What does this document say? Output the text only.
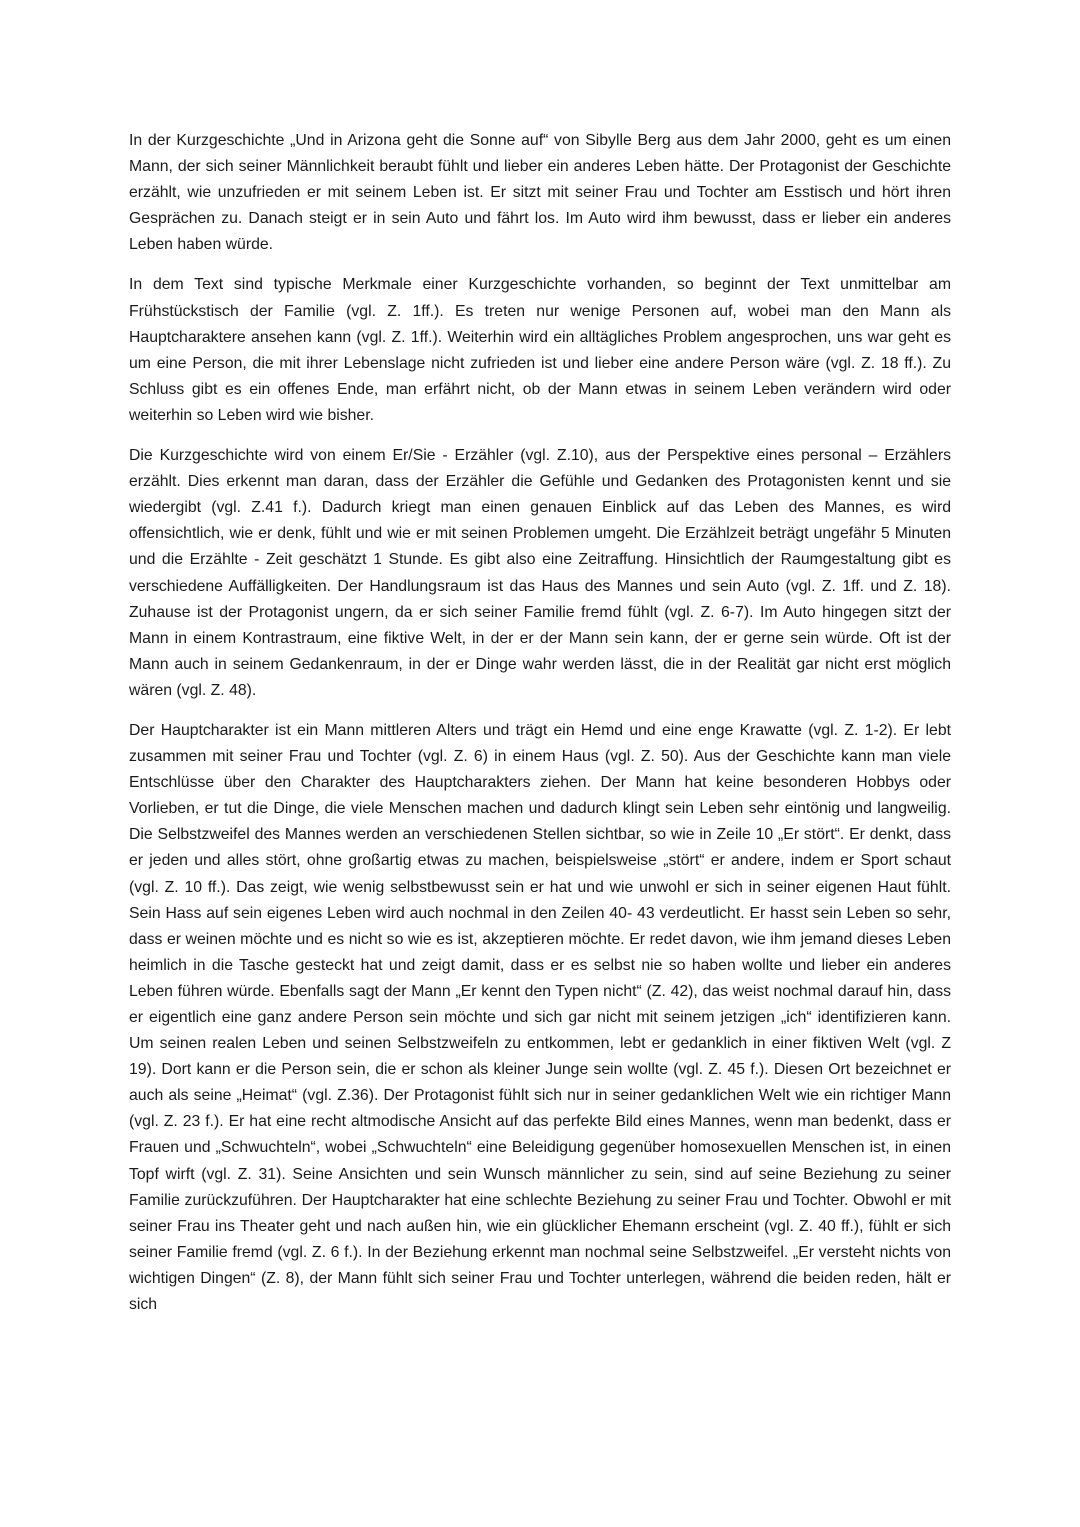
In der Kurzgeschichte „Und in Arizona geht die Sonne auf“ von Sibylle Berg aus dem Jahr 2000, geht es um einen Mann, der sich seiner Männlichkeit beraubt fühlt und lieber ein anderes Leben hätte. Der Protagonist der Geschichte erzählt, wie unzufrieden er mit seinem Leben ist. Er sitzt mit seiner Frau und Tochter am Esstisch und hört ihren Gesprächen zu. Danach steigt er in sein Auto und fährt los. Im Auto wird ihm bewusst, dass er lieber ein anderes Leben haben würde.

In dem Text sind typische Merkmale einer Kurzgeschichte vorhanden, so beginnt der Text unmittelbar am Frühstückstisch der Familie (vgl. Z. 1ff.). Es treten nur wenige Personen auf, wobei man den Mann als Hauptcharaktere ansehen kann (vgl. Z. 1ff.). Weiterhin wird ein alltägliches Problem angesprochen, uns war geht es um eine Person, die mit ihrer Lebenslage nicht zufrieden ist und lieber eine andere Person wäre (vgl. Z. 18 ff.). Zu Schluss gibt es ein offenes Ende, man erfährt nicht, ob der Mann etwas in seinem Leben verändern wird oder weiterhin so Leben wird wie bisher.

Die Kurzgeschichte wird von einem Er/Sie - Erzähler (vgl. Z.10), aus der Perspektive eines personal – Erzählers erzählt. Dies erkennt man daran, dass der Erzähler die Gefühle und Gedanken des Protagonisten kennt und sie wiedergibt (vgl. Z.41 f.). Dadurch kriegt man einen genauen Einblick auf das Leben des Mannes, es wird offensichtlich, wie er denk, fühlt und wie er mit seinen Problemen umgeht. Die Erzählzeit beträgt ungefähr 5 Minuten und die Erzählte - Zeit geschätzt 1 Stunde. Es gibt also eine Zeitraffung. Hinsichtlich der Raumgestaltung gibt es verschiedene Auffälligkeiten. Der Handlungsraum ist das Haus des Mannes und sein Auto (vgl. Z. 1ff. und Z. 18). Zuhause ist der Protagonist ungern, da er sich seiner Familie fremd fühlt (vgl. Z. 6-7). Im Auto hingegen sitzt der Mann in einem Kontrastraum, eine fiktive Welt, in der er der Mann sein kann, der er gerne sein würde. Oft ist der Mann auch in seinem Gedankenraum, in der er Dinge wahr werden lässt, die in der Realität gar nicht erst möglich wären (vgl. Z. 48).

Der Hauptcharakter ist ein Mann mittleren Alters und trägt ein Hemd und eine enge Krawatte (vgl. Z. 1-2). Er lebt zusammen mit seiner Frau und Tochter (vgl. Z. 6) in einem Haus (vgl. Z. 50). Aus der Geschichte kann man viele Entschlüsse über den Charakter des Hauptcharakters ziehen. Der Mann hat keine besonderen Hobbys oder Vorlieben, er tut die Dinge, die viele Menschen machen und dadurch klingt sein Leben sehr eintönig und langweilig. Die Selbstzweifel des Mannes werden an verschiedenen Stellen sichtbar, so wie in Zeile 10 „Er stört“. Er denkt, dass er jeden und alles stört, ohne großartig etwas zu machen, beispielsweise „stört“ er andere, indem er Sport schaut (vgl. Z. 10 ff.). Das zeigt, wie wenig selbstbewusst sein er hat und wie unwohl er sich in seiner eigenen Haut fühlt. Sein Hass auf sein eigenes Leben wird auch nochmal in den Zeilen 40- 43 verdeutlicht. Er hasst sein Leben so sehr, dass er weinen möchte und es nicht so wie es ist, akzeptieren möchte. Er redet davon, wie ihm jemand dieses Leben heimlich in die Tasche gesteckt hat und zeigt damit, dass er es selbst nie so haben wollte und lieber ein anderes Leben führen würde. Ebenfalls sagt der Mann „Er kennt den Typen nicht“ (Z. 42), das weist nochmal darauf hin, dass er eigentlich eine ganz andere Person sein möchte und sich gar nicht mit seinem jetzigen „ich“ identifizieren kann. Um seinen realen Leben und seinen Selbstzweifeln zu entkommen, lebt er gedanklich in einer fiktiven Welt (vgl. Z 19). Dort kann er die Person sein, die er schon als kleiner Junge sein wollte (vgl. Z. 45 f.). Diesen Ort bezeichnet er auch als seine „Heimat“ (vgl. Z.36). Der Protagonist fühlt sich nur in seiner gedanklichen Welt wie ein richtiger Mann (vgl. Z. 23 f.). Er hat eine recht altmodische Ansicht auf das perfekte Bild eines Mannes, wenn man bedenkt, dass er Frauen und „Schwuchteln“, wobei „Schwuchteln“ eine Beleidigung gegenüber homosexuellen Menschen ist, in einen Topf wirft (vgl. Z. 31). Seine Ansichten und sein Wunsch männlicher zu sein, sind auf seine Beziehung zu seiner Familie zurückzuführen. Der Hauptcharakter hat eine schlechte Beziehung zu seiner Frau und Tochter. Obwohl er mit seiner Frau ins Theater geht und nach außen hin, wie ein glücklicher Ehemann erscheint (vgl. Z. 40 ff.), fühlt er sich seiner Familie fremd (vgl. Z. 6 f.). In der Beziehung erkennt man nochmal seine Selbstzweifel. „Er versteht nichts von wichtigen Dingen“ (Z. 8), der Mann fühlt sich seiner Frau und Tochter unterlegen, während die beiden reden, hält er sich
